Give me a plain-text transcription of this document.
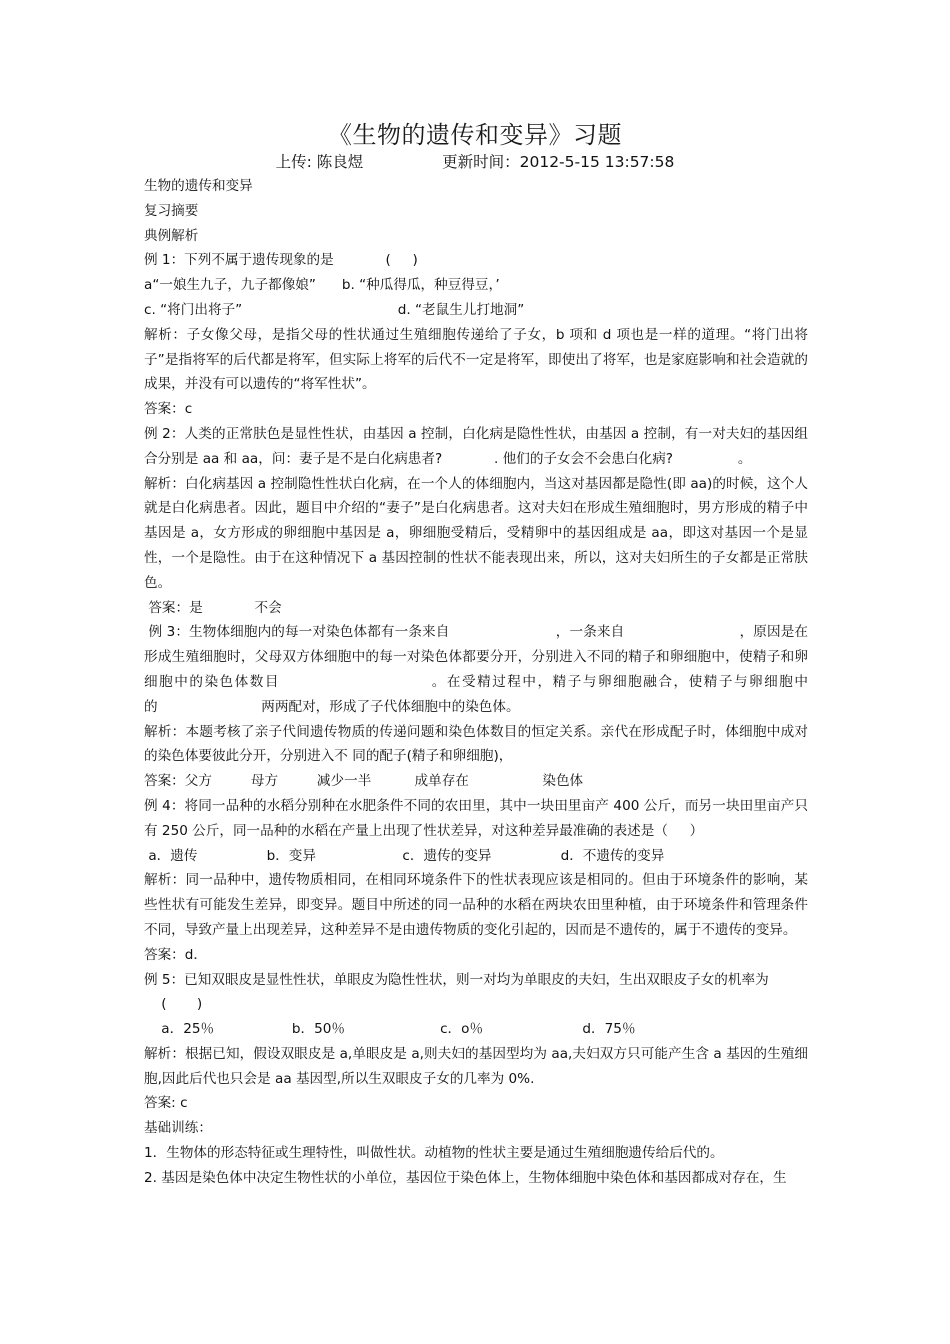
《生物的遗传和变异》习题
上传: 陈良煜	更新时间：2012-5-15 13:57:58

生物的遗传和变异

复习摘要

典例解析

例 1：下列不属于遗传现象的是            (     )

a“一娘生九子，九子都像娘”      b. “种瓜得瓜，种豆得豆，’

c. “将门出将子”                                    d. “老鼠生儿打地洞”

解析：子女像父母，是指父母的性状通过生殖细胞传递给了子女，b 项和 d 项也是一样的道理。“将门出将子”是指将军的后代都是将军，但实际上将军的后代不一定是将军，即使出了将军，也是家庭影响和社会造就的成果，并没有可以遗传的“将军性状”。

答案：c

例 2：人类的正常肤色是显性性状，由基因 a 控制，白化病是隐性性状，由基因 a 控制，有一对夫妇的基因组合分别是 aa 和 aa，问：妻子是不是白化病患者?            . 他们的子女会不会患白化病?               。

解析：白化病基因 a 控制隐性性状白化病，在一个人的体细胞内，当这对基因都是隐性(即 aa)的时候，这个人就是白化病患者。因此，题目中介绍的“妻子”是白化病患者。这对夫妇在形成生殖细胞时，男方形成的精子中基因是 a，女方形成的卵细胞中基因是 a，卵细胞受精后，受精卵中的基因组成是 aa，即这对基因一个是显性，一个是隐性。由于在这种情况下 a 基因控制的性状不能表现出来，所以，这对夫妇所生的子女都是正常肤色。

答案：是            不会

例 3：生物体细胞内的每一对染色体都有一条来自                        ，一条来自                          ，原因是在形成生殖细胞时，父母双方体细胞中的每一对染色体都要分开，分别进入不同的精子和卵细胞中，使精子和卵细胞中的染色体数目                          。在受精过程中，精子与卵细胞融合，使精子与卵细胞中                      的                        两两配对，形成了子代体细胞中的染色体。

解析：本题考核了亲子代间遗传物质的传递问题和染色体数目的恒定关系。亲代在形成配子时，体细胞中成对的染色体要彼此分开，分别进入不 同的配子(精子和卵细胞)，

答案：父方         母方         减少一半          成单存在                 染色体

例 4：将同一品种的水稻分别种在水肥条件不同的农田里，其中一块田里亩产 400 公斤，而另一块田里亩产只有 250 公斤，同一品种的水稻在产量上出现了性状差异，对这种差异最准确的表述是（     ）

a．遗传                b．变异                    c．遗传的变异                d．不遗传的变异

解析：同一品种中，遗传物质相同，在相同环境条件下的性状表现应该是相同的。但由于环境条件的影响，某些性状有可能发生差异，即变异。题目中所述的同一品种的水稻在两块农田里种植，由于环境条件和管理条件不同，导致产量上出现差异，这种差异不是由遗传物质的变化引起的，因而是不遗传的，属于不遗传的变异。

答案：d．

例 5：已知双眼皮是显性性状，单眼皮为隐性性状，则一对均为单眼皮的夫妇，生出双眼皮子女的机率为

(       )

a．25％                  b．50％                      c．o％                       d．75％

解析：根据已知，假设双眼皮是 a,单眼皮是 a,则夫妇的基因型均为 aa,夫妇双方只可能产生含 a 基因的生殖细胞,因此后代也只会是 aa 基因型,所以生双眼皮子女的几率为 0%.

答案: c

基础训练：

1．生物体的形态特征或生理特性，叫做性状。动植物的性状主要是通过生殖细胞遗传给后代的。

2. 基因是染色体中决定生物性状的小单位，基因位于染色体上，生物体细胞中染色体和基因都成对存在，生
